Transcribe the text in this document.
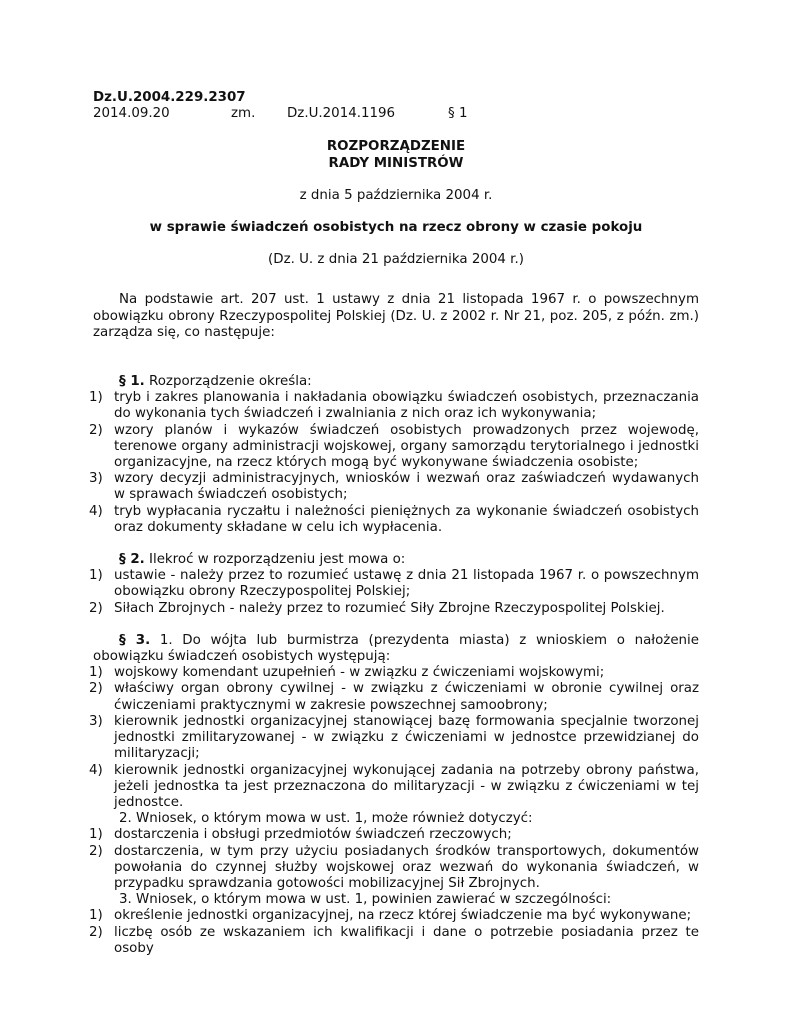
Dz.U.2004.229.2307
2014.09.20	zm.	Dz.U.2014.1196	§ 1
ROZPORZĄDZENIE
RADY MINISTRÓW
z dnia 5 października 2004 r.
w sprawie świadczeń osobistych na rzecz obrony w czasie pokoju
(Dz. U. z dnia 21 października 2004 r.)
Na podstawie art. 207 ust. 1 ustawy z dnia 21 listopada 1967 r. o powszechnym obowiązku obrony Rzeczypospolitej Polskiej (Dz. U. z 2002 r. Nr 21, poz. 205, z późn. zm.) zarządza się, co następuje:
§ 1. Rozporządzenie określa:
1) tryb i zakres planowania i nakładania obowiązku świadczeń osobistych, przeznaczania do wykonania tych świadczeń i zwalniania z nich oraz ich wykonywania;
2) wzory planów i wykazów świadczeń osobistych prowadzonych przez wojewodę, terenowe organy administracji wojskowej, organy samorządu terytorialnego i jednostki organizacyjne, na rzecz których mogą być wykonywane świadczenia osobiste;
3) wzory decyzji administracyjnych, wniosków i wezwań oraz zaświadczeń wydawanych w sprawach świadczeń osobistych;
4) tryb wypłacania ryczałtu i należności pieniężnych za wykonanie świadczeń osobistych oraz dokumenty składane w celu ich wypłacenia.
§ 2. Ilekroć w rozporządzeniu jest mowa o:
1) ustawie - należy przez to rozumieć ustawę z dnia 21 listopada 1967 r. o powszechnym obowiązku obrony Rzeczypospolitej Polskiej;
2) Siłach Zbrojnych - należy przez to rozumieć Siły Zbrojne Rzeczypospolitej Polskiej.
§ 3. 1. Do wójta lub burmistrza (prezydenta miasta) z wnioskiem o nałożenie obowiązku świadczeń osobistych występują:
1) wojskowy komendant uzupełnień - w związku z ćwiczeniami wojskowymi;
2) właściwy organ obrony cywilnej - w związku z ćwiczeniami w obronie cywilnej oraz ćwiczeniami praktycznymi w zakresie powszechnej samoobrony;
3) kierownik jednostki organizacyjnej stanowiącej bazę formowania specjalnie tworzonej jednostki zmilitaryzowanej - w związku z ćwiczeniami w jednostce przewidzianej do militaryzacji;
4) kierownik jednostki organizacyjnej wykonującej zadania na potrzeby obrony państwa, jeżeli jednostka ta jest przeznaczona do militaryzacji - w związku z ćwiczeniami w tej jednostce.
2. Wniosek, o którym mowa w ust. 1, może również dotyczyć:
1) dostarczenia i obsługi przedmiotów świadczeń rzeczowych;
2) dostarczenia, w tym przy użyciu posiadanych środków transportowych, dokumentów powołania do czynnej służby wojskowej oraz wezwań do wykonania świadczeń, w przypadku sprawdzania gotowości mobilizacyjnej Sił Zbrojnych.
3. Wniosek, o którym mowa w ust. 1, powinien zawierać w szczególności:
1) określenie jednostki organizacyjnej, na rzecz której świadczenie ma być wykonywane;
2) liczbę osób ze wskazaniem ich kwalifikacji i dane o potrzebie posiadania przez te osoby
